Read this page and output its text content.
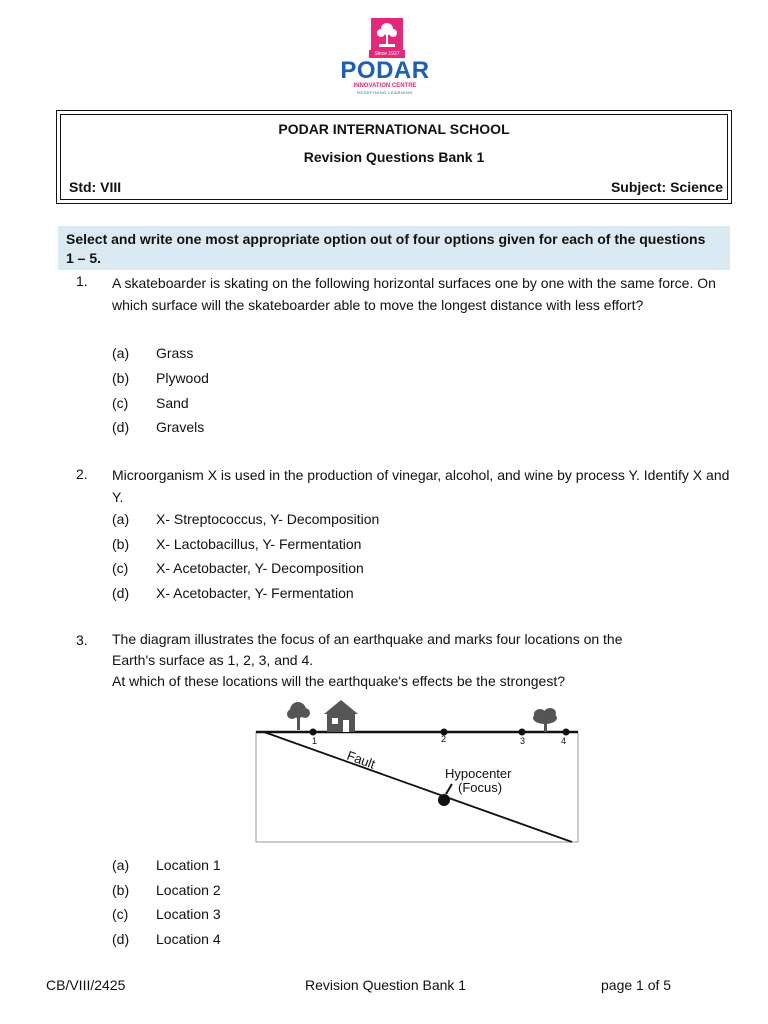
Since 1927
PODAR
INNOVATION CENTRE
REDEFINING LEARNING
PODAR INTERNATIONAL SCHOOL
Revision Questions Bank 1
Std: VIII	Subject: Science
Select and write one most appropriate option out of four options given for each of the questions 1 – 5.
1. A skateboarder is skating on the following horizontal surfaces one by one with the same force. On which surface will the skateboarder able to move the longest distance with less effort?
(a)	Grass
(b)	Plywood
(c)	Sand
(d)	Gravels
2. Microorganism X is used in the production of vinegar, alcohol, and wine by process Y. Identify X and Y.
(a)	X- Streptococcus, Y- Decomposition
(b)	X- Lactobacillus, Y- Fermentation
(c)	X- Acetobacter, Y- Decomposition
(d)	X- Acetobacter, Y- Fermentation
3. The diagram illustrates the focus of an earthquake and marks four locations on the
Earth's surface as 1, 2, 3, and 4.
At which of these locations will the earthquake's effects be the strongest?
1	2	3	4
Fault
Hypocenter
(Focus)
(a)	Location 1
(b)	Location 2
(c)	Location 3
(d)	Location 4
CB/VIII/2425	Revision Question Bank 1	page 1 of 5
